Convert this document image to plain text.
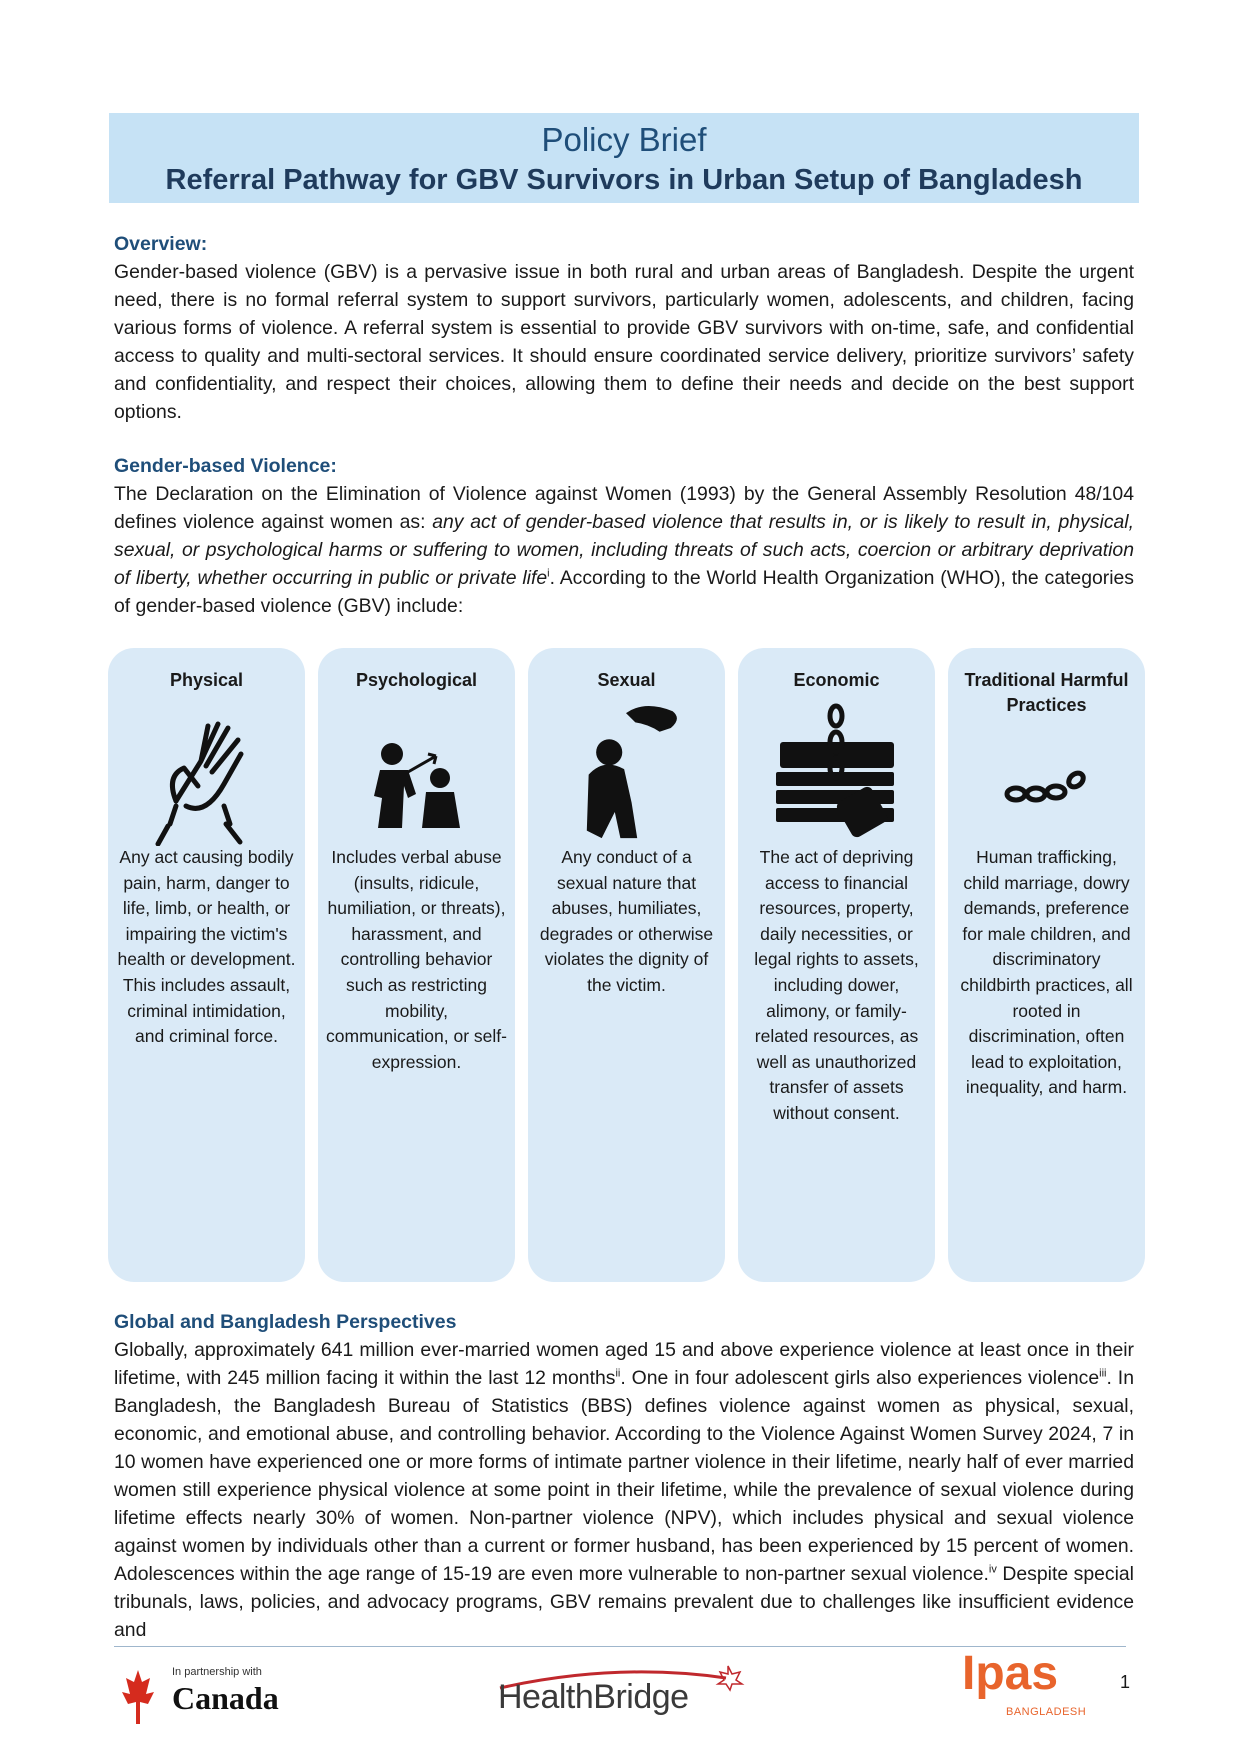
Policy Brief
Referral Pathway for GBV Survivors in Urban Setup of Bangladesh
Overview:

Gender-based violence (GBV) is a pervasive issue in both rural and urban areas of Bangladesh. Despite the urgent need, there is no formal referral system to support survivors, particularly women, adolescents, and children, facing various forms of violence. A referral system is essential to provide GBV survivors with on-time, safe, and confidential access to quality and multi-sectoral services. It should ensure coordinated service delivery, prioritize survivors’ safety and confidentiality, and respect their choices, allowing them to define their needs and decide on the best support options.

Gender-based Violence:

The Declaration on the Elimination of Violence against Women (1993) by the General Assembly Resolution 48/104 defines violence against women as: any act of gender-based violence that results in, or is likely to result in, physical, sexual, or psychological harms or suffering to women, including threats of such acts, coercion or arbitrary deprivation of liberty, whether occurring in public or private life$^i$. According to the World Health Organization (WHO), the categories of gender-based violence (GBV) include:

Physical
Any act causing bodily pain, harm, danger to life, limb, or health, or impairing the victim's health or development. This includes assault, criminal intimidation, and criminal force.
Psychological
Includes verbal abuse (insults, ridicule, humiliation, or threats), harassment, and controlling behavior such as restricting mobility, communication, or self-expression.
Sexual
Any conduct of a sexual nature that abuses, humiliates, degrades or otherwise violates the dignity of the victim.
Economic
The act of depriving access to financial resources, property, daily necessities, or legal rights to assets, including dower, alimony, or family-related resources, as well as unauthorized transfer of assets without consent.
Traditional Harmful Practices
Human trafficking, child marriage, dowry demands, preference for male children, and discriminatory childbirth practices, all rooted in discrimination, often lead to exploitation, inequality, and harm.
Global and Bangladesh Perspectives

Globally, approximately 641 million ever-married women aged 15 and above experience violence at least once in their lifetime, with 245 million facing it within the last 12 months$^{ii}$. One in four adolescent girls also experiences violence$^{iii}$. In Bangladesh, the Bangladesh Bureau of Statistics (BBS) defines violence against women as physical, sexual, economic, and emotional abuse, and controlling behavior. According to the Violence Against Women Survey 2024, 7 in 10 women have experienced one or more forms of intimate partner violence in their lifetime, nearly half of ever married women still experience physical violence at some point in their lifetime, while the prevalence of sexual violence during lifetime effects nearly 30% of women. Non-partner violence (NPV), which includes physical and sexual violence against women by individuals other than a current or former husband, has been experienced by 15 percent of women. Adolescences within the age range of 15-19 are even more vulnerable to non-partner sexual violence.$^{iv}$ Despite special tribunals, laws, policies, and advocacy programs, GBV remains prevalent due to challenges like insufficient evidence and

In partnership with
Canada	HealthBridge	Ipas
BANGLADESH
1
